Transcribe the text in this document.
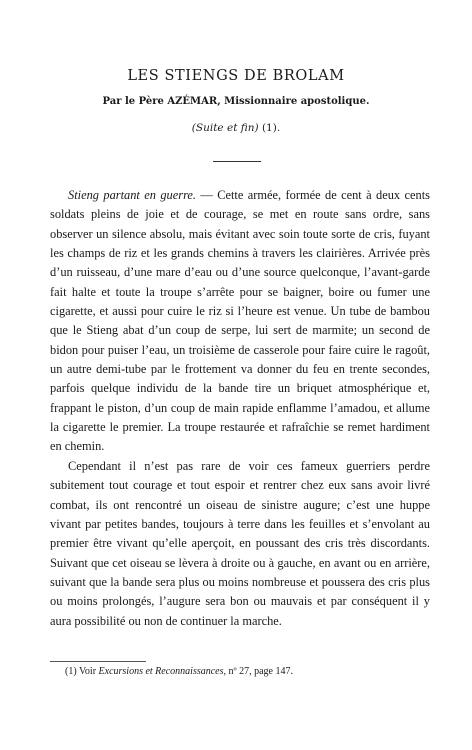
LES STIENGS DE BROLAM
Par le Père AZÉMAR, Missionnaire apostolique.
(Suite et fin) (1).

Stieng partant en guerre. — Cette armée, formée de cent à deux cents soldats pleins de joie et de courage, se met en route sans ordre, sans observer un silence absolu, mais évitant avec soin toute sorte de cris, fuyant les champs de riz et les grands chemins à travers les clairières. Arrivée près d’un ruisseau, d’une mare d’eau ou d’une source quelconque, l’avant-garde fait halte et toute la troupe s’arrête pour se baigner, boire ou fumer une cigarette, et aussi pour cuire le riz si l’heure est venue. Un tube de bambou que le Stieng abat d’un coup de serpe, lui sert de marmite; un second de bidon pour puiser l’eau, un troisième de casserole pour faire cuire le ragoût, un autre demi-tube par le frottement va donner du feu en trente secondes, parfois quelque individu de la bande tire un briquet atmosphérique et, frappant le piston, d’un coup de main rapide enflamme l’amadou, et allume la cigarette le premier. La troupe restaurée et rafraîchie se remet hardiment en chemin.

Cependant il n’est pas rare de voir ces fameux guerriers perdre subitement tout courage et tout espoir et rentrer chez eux sans avoir livré combat, ils ont rencontré un oiseau de sinistre augure; c’est une huppe vivant par petites bandes, toujours à terre dans les feuilles et s’envolant au premier être vivant qu’elle aperçoit, en poussant des cris très discordants. Suivant que cet oiseau se lèvera à droite ou à gauche, en avant ou en arrière, suivant que la bande sera plus ou moins nombreuse et poussera des cris plus ou moins prolongés, l’augure sera bon ou mauvais et par conséquent il y aura possibilité ou non de continuer la marche.

(1) Voir Excursions et Reconnaissances, nº 27, page 147.
